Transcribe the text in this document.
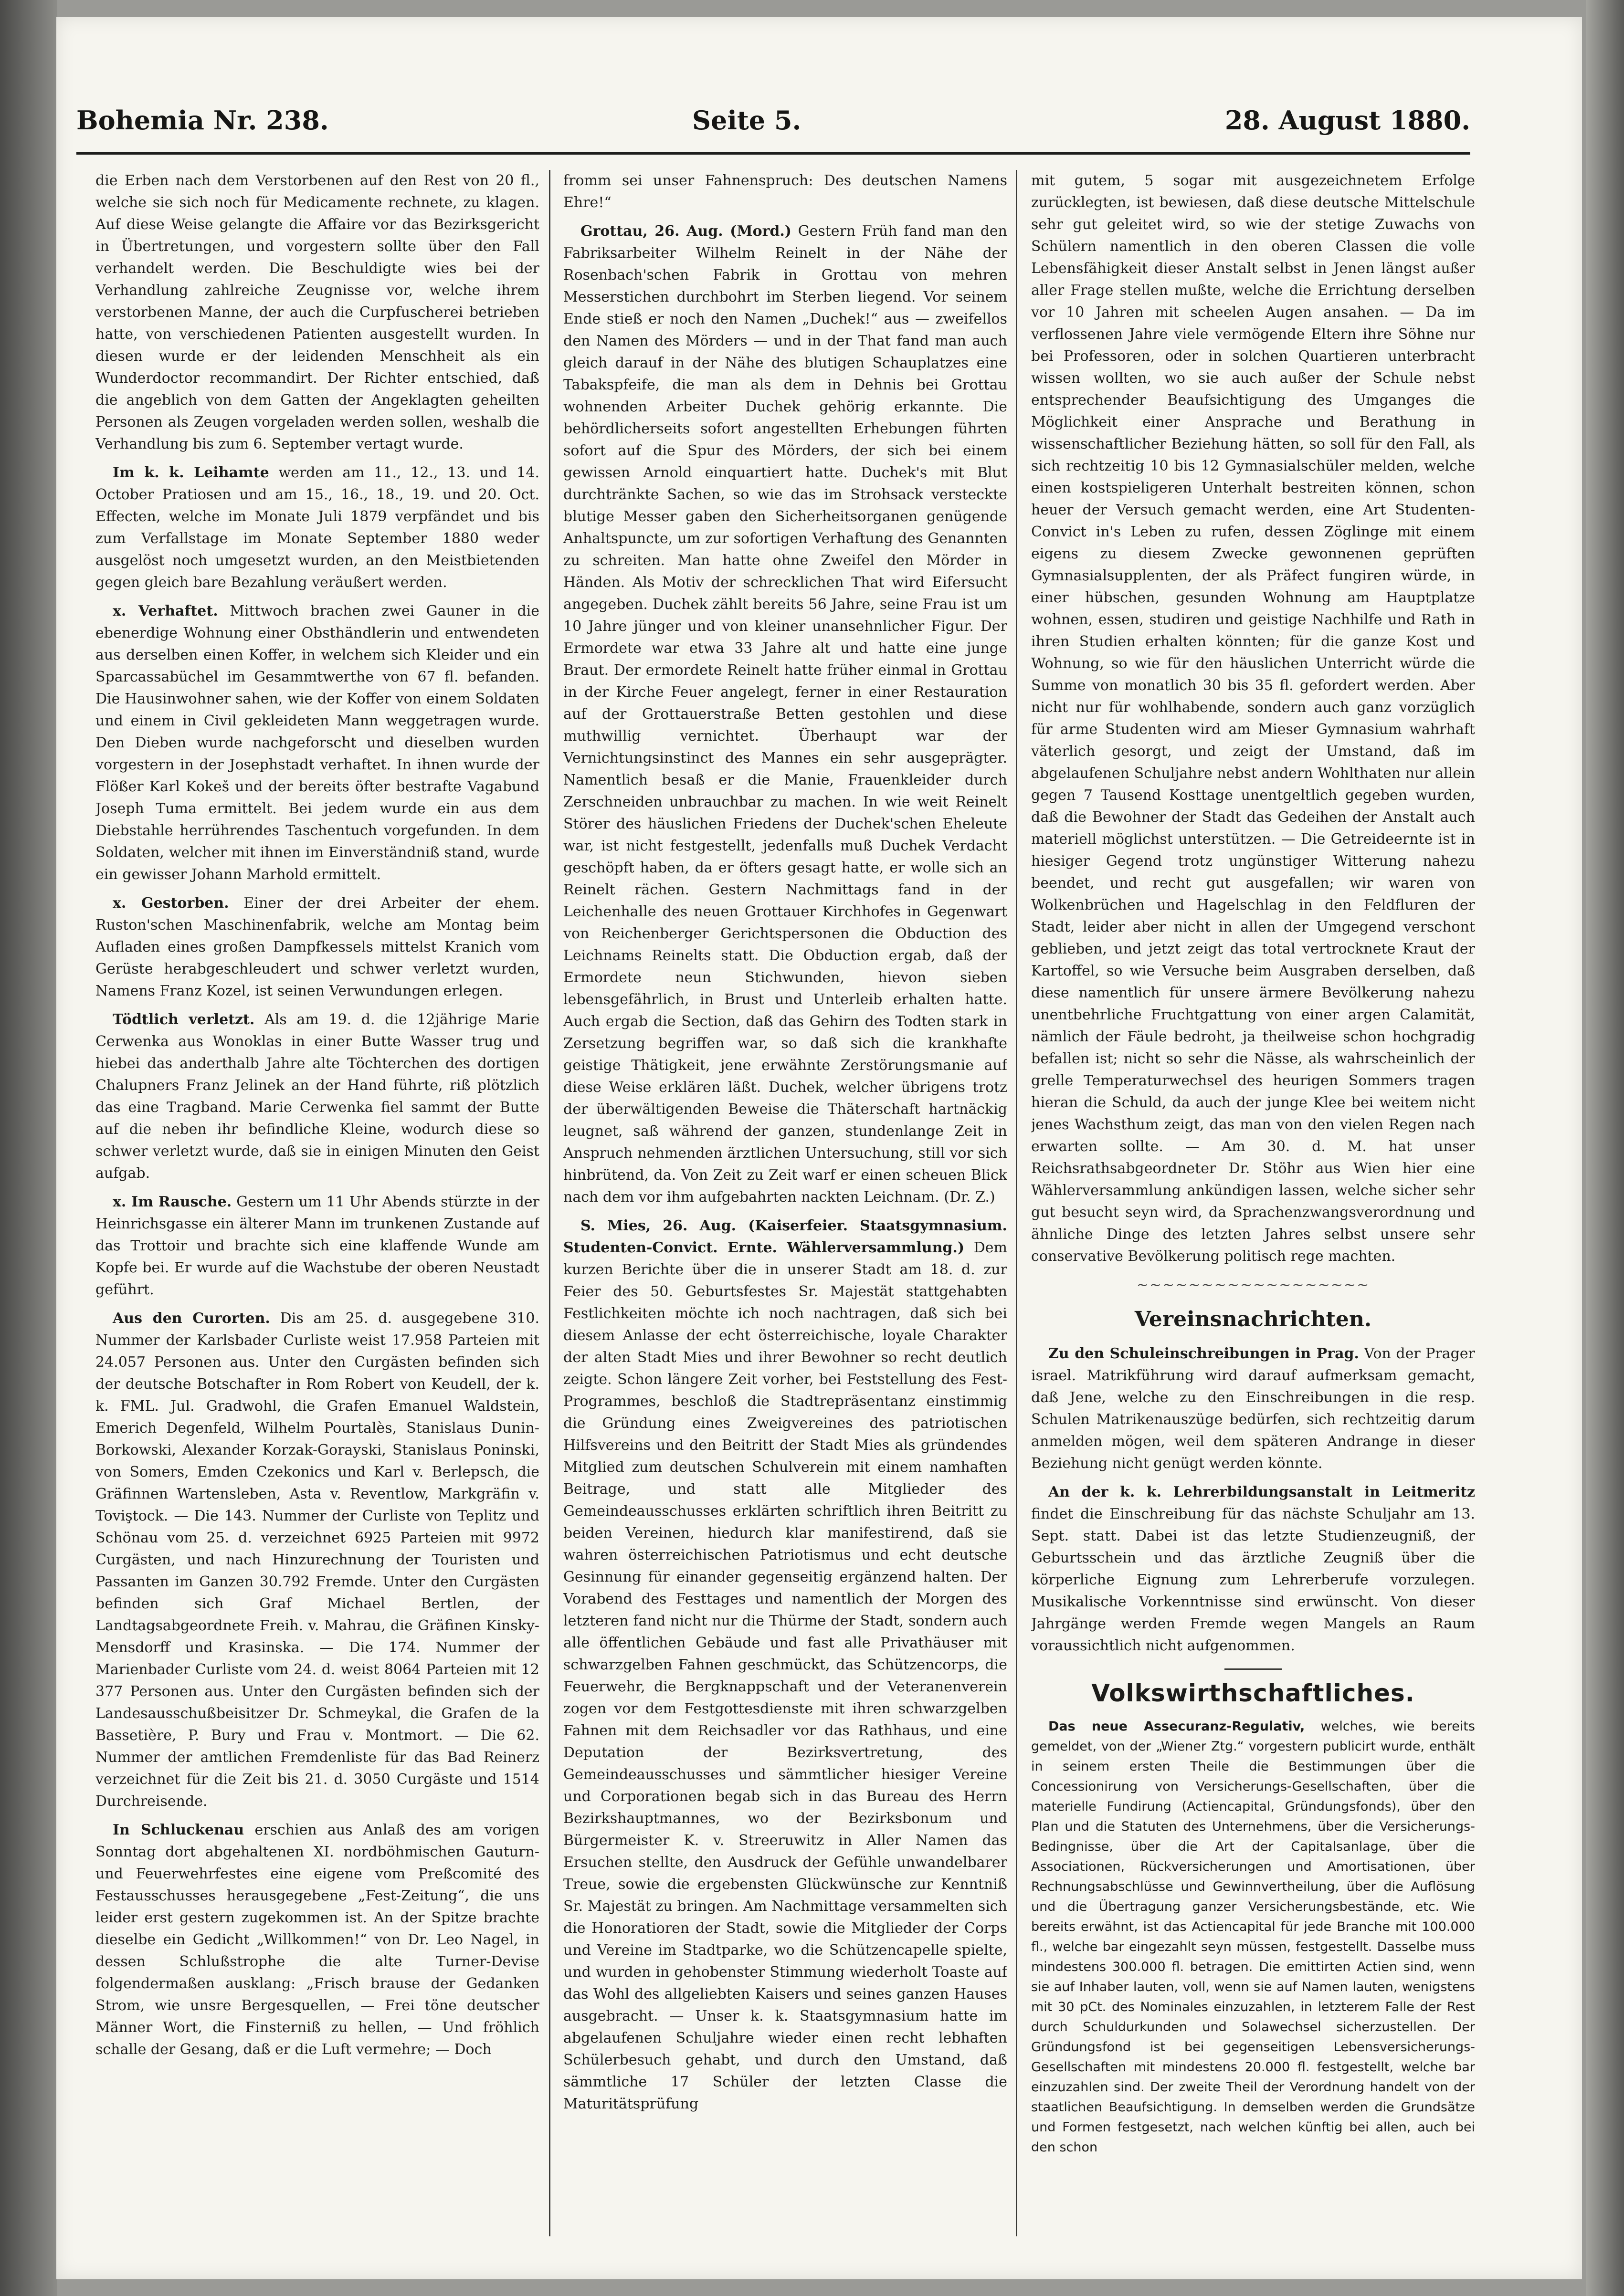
Bohemia Nr. 238.	Seite 5.	28. August 1880.

die Erben nach dem Verstorbenen auf den Rest von 20 fl., welche sie sich noch für Medicamente rechnete, zu klagen. Auf diese Weise gelangte die Affaire vor das Bezirksgericht in Übertretungen, und vorgestern sollte über den Fall verhandelt werden. Die Beschuldigte wies bei der Verhandlung zahlreiche Zeugnisse vor, welche ihrem verstorbenen Manne, der auch die Curpfuscherei betrieben hatte, von verschiedenen Patienten ausgestellt wurden. In diesen wurde er der leidenden Menschheit als ein Wunderdoctor recommandirt. Der Richter entschied, daß die angeblich von dem Gatten der Angeklagten geheilten Personen als Zeugen vorgeladen werden sollen, weshalb die Verhandlung bis zum 6. September vertagt wurde.

Im k. k. Leihamte werden am 11., 12., 13. und 14. October Pratiosen und am 15., 16., 18., 19. und 20. Oct. Effecten, welche im Monate Juli 1879 verpfändet und bis zum Verfallstage im Monate September 1880 weder ausgelöst noch umgesetzt wurden, an den Meistbietenden gegen gleich bare Bezahlung veräußert werden.

x. Verhaftet. Mittwoch brachen zwei Gauner in die ebenerdige Wohnung einer Obsthändlerin und entwendeten aus derselben einen Koffer, in welchem sich Kleider und ein Sparcassabüchel im Gesammtwerthe von 67 fl. befanden. Die Hausinwohner sahen, wie der Koffer von einem Soldaten und einem in Civil gekleideten Mann weggetragen wurde. Den Dieben wurde nachgeforscht und dieselben wurden vorgestern in der Josephstadt verhaftet. In ihnen wurde der Flößer Karl Kokeš und der bereits öfter bestrafte Vagabund Joseph Tuma ermittelt. Bei jedem wurde ein aus dem Diebstahle herrührendes Taschentuch vorgefunden. In dem Soldaten, welcher mit ihnen im Einverständniß stand, wurde ein gewisser Johann Marhold ermittelt.

x. Gestorben. Einer der drei Arbeiter der ehem. Ruston'schen Maschinenfabrik, welche am Montag beim Aufladen eines großen Dampfkessels mittelst Kranich vom Gerüste herabgeschleudert und schwer verletzt wurden, Namens Franz Kozel, ist seinen Verwundungen erlegen.

Tödtlich verletzt. Als am 19. d. die 12jährige Marie Cerwenka aus Wonoklas in einer Butte Wasser trug und hiebei das anderthalb Jahre alte Töchterchen des dortigen Chalupners Franz Jelinek an der Hand führte, riß plötzlich das eine Tragband. Marie Cerwenka fiel sammt der Butte auf die neben ihr befindliche Kleine, wodurch diese so schwer verletzt wurde, daß sie in einigen Minuten den Geist aufgab.

x. Im Rausche. Gestern um 11 Uhr Abends stürzte in der Heinrichsgasse ein älterer Mann im trunkenen Zustande auf das Trottoir und brachte sich eine klaffende Wunde am Kopfe bei. Er wurde auf die Wachstube der oberen Neustadt geführt.

Aus den Curorten. Dis am 25. d. ausgegebene 310. Nummer der Karlsbader Curliste weist 17.958 Parteien mit 24.057 Personen aus. Unter den Curgästen befinden sich der deutsche Botschafter in Rom Robert von Keudell, der k. k. FML. Jul. Gradwohl, die Grafen Emanuel Waldstein, Emerich Degenfeld, Wilhelm Pourtalès, Stanislaus Dunin-Borkowski, Alexander Korzak-Gorayski, Stanislaus Poninski, von Somers, Emden Czekonics und Karl v. Berlepsch, die Gräfinnen Wartensleben, Asta v. Reventlow, Markgräfin v. Toviştock. — Die 143. Nummer der Curliste von Teplitz und Schönau vom 25. d. verzeichnet 6925 Parteien mit 9972 Curgästen, und nach Hinzurechnung der Touristen und Passanten im Ganzen 30.792 Fremde. Unter den Curgästen befinden sich Graf Michael Bertlen, der Landtagsabgeordnete Freih. v. Mahrau, die Gräfinen Kinsky-Mensdorff und Krasinska. — Die 174. Nummer der Marienbader Curliste vom 24. d. weist 8064 Parteien mit 12 377 Personen aus. Unter den Curgästen befinden sich der Landesausschußbeisitzer Dr. Schmeykal, die Grafen de la Bassetière, P. Bury und Frau v. Montmort. — Die 62. Nummer der amtlichen Fremdenliste für das Bad Reinerz verzeichnet für die Zeit bis 21. d. 3050 Curgäste und 1514 Durchreisende.

In Schluckenau erschien aus Anlaß des am vorigen Sonntag dort abgehaltenen XI. nordböhmischen Gauturn- und Feuerwehrfestes eine eigene vom Preßcomité des Festausschusses herausgegebene „Fest-Zeitung“, die uns leider erst gestern zugekommen ist. An der Spitze brachte dieselbe ein Gedicht „Willkommen!“ von Dr. Leo Nagel, in dessen Schlußstrophe die alte Turner-Devise folgendermaßen ausklang: „Frisch brause der Gedanken Strom, wie unsre Bergesquellen, — Frei töne deutscher Männer Wort, die Finsterniß zu hellen, — Und fröhlich schalle der Gesang, daß er die Luft vermehre; — Doch

fromm sei unser Fahnenspruch: Des deutschen Namens Ehre!“

Grottau, 26. Aug. (Mord.) Gestern Früh fand man den Fabriksarbeiter Wilhelm Reinelt in der Nähe der Rosenbach'schen Fabrik in Grottau von mehren Messerstichen durchbohrt im Sterben liegend. Vor seinem Ende stieß er noch den Namen „Duchek!“ aus — zweifellos den Namen des Mörders — und in der That fand man auch gleich darauf in der Nähe des blutigen Schauplatzes eine Tabakspfeife, die man als dem in Dehnis bei Grottau wohnenden Arbeiter Duchek gehörig erkannte. Die behördlicherseits sofort angestellten Erhebungen führten sofort auf die Spur des Mörders, der sich bei einem gewissen Arnold einquartiert hatte. Duchek's mit Blut durchtränkte Sachen, so wie das im Strohsack versteckte blutige Messer gaben den Sicherheitsorganen genügende Anhaltspuncte, um zur sofortigen Verhaftung des Genannten zu schreiten. Man hatte ohne Zweifel den Mörder in Händen. Als Motiv der schrecklichen That wird Eifersucht angegeben. Duchek zählt bereits 56 Jahre, seine Frau ist um 10 Jahre jünger und von kleiner unansehnlicher Figur. Der Ermordete war etwa 33 Jahre alt und hatte eine junge Braut. Der ermordete Reinelt hatte früher einmal in Grottau in der Kirche Feuer angelegt, ferner in einer Restauration auf der Grottauerstraße Betten gestohlen und diese muthwillig vernichtet. Überhaupt war der Vernichtungsinstinct des Mannes ein sehr ausgeprägter. Namentlich besaß er die Manie, Frauenkleider durch Zerschneiden unbrauchbar zu machen. In wie weit Reinelt Störer des häuslichen Friedens der Duchek'schen Eheleute war, ist nicht festgestellt, jedenfalls muß Duchek Verdacht geschöpft haben, da er öfters gesagt hatte, er wolle sich an Reinelt rächen. Gestern Nachmittags fand in der Leichenhalle des neuen Grottauer Kirchhofes in Gegenwart von Reichenberger Gerichtspersonen die Obduction des Leichnams Reinelts statt. Die Obduction ergab, daß der Ermordete neun Stichwunden, hievon sieben lebensgefährlich, in Brust und Unterleib erhalten hatte. Auch ergab die Section, daß das Gehirn des Todten stark in Zersetzung begriffen war, so daß sich die krankhafte geistige Thätigkeit, jene erwähnte Zerstörungsmanie auf diese Weise erklären läßt. Duchek, welcher übrigens trotz der überwältigenden Beweise die Thäterschaft hartnäckig leugnet, saß während der ganzen, stundenlange Zeit in Anspruch nehmenden ärztlichen Untersuchung, still vor sich hinbrütend, da. Von Zeit zu Zeit warf er einen scheuen Blick nach dem vor ihm aufgebahrten nackten Leichnam. (Dr. Z.)

S. Mies, 26. Aug. (Kaiserfeier. Staatsgymnasium. Studenten-Convict. Ernte. Wählerversammlung.) Dem kurzen Berichte über die in unserer Stadt am 18. d. zur Feier des 50. Geburtsfestes Sr. Majestät stattgehabten Festlichkeiten möchte ich noch nachtragen, daß sich bei diesem Anlasse der echt österreichische, loyale Charakter der alten Stadt Mies und ihrer Bewohner so recht deutlich zeigte. Schon längere Zeit vorher, bei Feststellung des Fest-Programmes, beschloß die Stadtrepräsentanz einstimmig die Gründung eines Zweigvereines des patriotischen Hilfsvereins und den Beitritt der Stadt Mies als gründendes Mitglied zum deutschen Schulverein mit einem namhaften Beitrage, und statt alle Mitglieder des Gemeindeausschusses erklärten schriftlich ihren Beitritt zu beiden Vereinen, hiedurch klar manifestirend, daß sie wahren österreichischen Patriotismus und echt deutsche Gesinnung für einander gegenseitig ergänzend halten. Der Vorabend des Festtages und namentlich der Morgen des letzteren fand nicht nur die Thürme der Stadt, sondern auch alle öffentlichen Gebäude und fast alle Privathäuser mit schwarzgelben Fahnen geschmückt, das Schützencorps, die Feuerwehr, die Bergknappschaft und der Veteranenverein zogen vor dem Festgottesdienste mit ihren schwarzgelben Fahnen mit dem Reichsadler vor das Rathhaus, und eine Deputation der Bezirksvertretung, des Gemeindeausschusses und sämmtlicher hiesiger Vereine und Corporationen begab sich in das Bureau des Herrn Bezirkshauptmannes, wo der Bezirksbonum und Bürgermeister K. v. Streeruwitz in Aller Namen das Ersuchen stellte, den Ausdruck der Gefühle unwandelbarer Treue, sowie die ergebensten Glückwünsche zur Kenntniß Sr. Majestät zu bringen. Am Nachmittage versammelten sich die Honoratioren der Stadt, sowie die Mitglieder der Corps und Vereine im Stadtparke, wo die Schützencapelle spielte, und wurden in gehobenster Stimmung wiederholt Toaste auf das Wohl des allgeliebten Kaisers und seines ganzen Hauses ausgebracht. — Unser k. k. Staatsgymnasium hatte im abgelaufenen Schuljahre wieder einen recht lebhaften Schülerbesuch gehabt, und durch den Umstand, daß sämmtliche 17 Schüler der letzten Classe die Maturitätsprüfung

mit gutem, 5 sogar mit ausgezeichnetem Erfolge zurücklegten, ist bewiesen, daß diese deutsche Mittelschule sehr gut geleitet wird, so wie der stetige Zuwachs von Schülern namentlich in den oberen Classen die volle Lebensfähigkeit dieser Anstalt selbst in Jenen längst außer aller Frage stellen mußte, welche die Errichtung derselben vor 10 Jahren mit scheelen Augen ansahen. — Da im verflossenen Jahre viele vermögende Eltern ihre Söhne nur bei Professoren, oder in solchen Quartieren unterbracht wissen wollten, wo sie auch außer der Schule nebst entsprechender Beaufsichtigung des Umganges die Möglichkeit einer Ansprache und Berathung in wissenschaftlicher Beziehung hätten, so soll für den Fall, als sich rechtzeitig 10 bis 12 Gymnasialschüler melden, welche einen kostspieligeren Unterhalt bestreiten können, schon heuer der Versuch gemacht werden, eine Art Studenten-Convict in's Leben zu rufen, dessen Zöglinge mit einem eigens zu diesem Zwecke gewonnenen geprüften Gymnasialsupplenten, der als Präfect fungiren würde, in einer hübschen, gesunden Wohnung am Hauptplatze wohnen, essen, studiren und geistige Nachhilfe und Rath in ihren Studien erhalten könnten; für die ganze Kost und Wohnung, so wie für den häuslichen Unterricht würde die Summe von monatlich 30 bis 35 fl. gefordert werden. Aber nicht nur für wohlhabende, sondern auch ganz vorzüglich für arme Studenten wird am Mieser Gymnasium wahrhaft väterlich gesorgt, und zeigt der Umstand, daß im abgelaufenen Schuljahre nebst andern Wohlthaten nur allein gegen 7 Tausend Kosttage unentgeltlich gegeben wurden, daß die Bewohner der Stadt das Gedeihen der Anstalt auch materiell möglichst unterstützen. — Die Getreideernte ist in hiesiger Gegend trotz ungünstiger Witterung nahezu beendet, und recht gut ausgefallen; wir waren von Wolkenbrüchen und Hagelschlag in den Feldfluren der Stadt, leider aber nicht in allen der Umgegend verschont geblieben, und jetzt zeigt das total vertrocknete Kraut der Kartoffel, so wie Versuche beim Ausgraben derselben, daß diese namentlich für unsere ärmere Bevölkerung nahezu unentbehrliche Fruchtgattung von einer argen Calamität, nämlich der Fäule bedroht, ja theilweise schon hochgradig befallen ist; nicht so sehr die Nässe, als wahrscheinlich der grelle Temperaturwechsel des heurigen Sommers tragen hieran die Schuld, da auch der junge Klee bei weitem nicht jenes Wachsthum zeigt, das man von den vielen Regen nach erwarten sollte. — Am 30. d. M. hat unser Reichsrathsabgeordneter Dr. Stöhr aus Wien hier eine Wählerversammlung ankündigen lassen, welche sicher sehr gut besucht seyn wird, da Sprachenzwangsverordnung und ähnliche Dinge des letzten Jahres selbst unsere sehr conservative Bevölkerung politisch rege machten.

~~~~~~~~~~~~~~~~~~
Vereinsnachrichten.

Zu den Schuleinschreibungen in Prag. Von der Prager israel. Matrikführung wird darauf aufmerksam gemacht, daß Jene, welche zu den Einschreibungen in die resp. Schulen Matrikenauszüge bedürfen, sich rechtzeitig darum anmelden mögen, weil dem späteren Andrange in dieser Beziehung nicht genügt werden könnte.

An der k. k. Lehrerbildungsanstalt in Leitmeritz findet die Einschreibung für das nächste Schuljahr am 13. Sept. statt. Dabei ist das letzte Studienzeugniß, der Geburtsschein und das ärztliche Zeugniß über die körperliche Eignung zum Lehrerberufe vorzulegen. Musikalische Vorkenntnisse sind erwünscht. Von dieser Jahrgänge werden Fremde wegen Mangels an Raum voraussichtlich nicht aufgenommen.

Volkswirthschaftliches.

Das neue Assecuranz-Regulativ, welches, wie bereits gemeldet, von der „Wiener Ztg.“ vorgestern publicirt wurde, enthält in seinem ersten Theile die Bestimmungen über die Concessionirung von Versicherungs-Gesellschaften, über die materielle Fundirung (Actiencapital, Gründungsfonds), über den Plan und die Statuten des Unternehmens, über die Versicherungs-Bedingnisse, über die Art der Capitalsanlage, über die Associationen, Rückversicherungen und Amortisationen, über Rechnungsabschlüsse und Gewinnvertheilung, über die Auflösung und die Übertragung ganzer Versicherungsbestände, etc. Wie bereits erwähnt, ist das Actiencapital für jede Branche mit 100.000 fl., welche bar eingezahlt seyn müssen, festgestellt. Dasselbe muss mindestens 300.000 fl. betragen. Die emittirten Actien sind, wenn sie auf Inhaber lauten, voll, wenn sie auf Namen lauten, wenigstens mit 30 pCt. des Nominales einzuzahlen, in letzterem Falle der Rest durch Schuldurkunden und Solawechsel sicherzustellen. Der Gründungsfond ist bei gegenseitigen Lebensversicherungs-Gesellschaften mit mindestens 20.000 fl. festgestellt, welche bar einzuzahlen sind. Der zweite Theil der Verordnung handelt von der staatlichen Beaufsichtigung. In demselben werden die Grundsätze und Formen festgesetzt, nach welchen künftig bei allen, auch bei den schon
